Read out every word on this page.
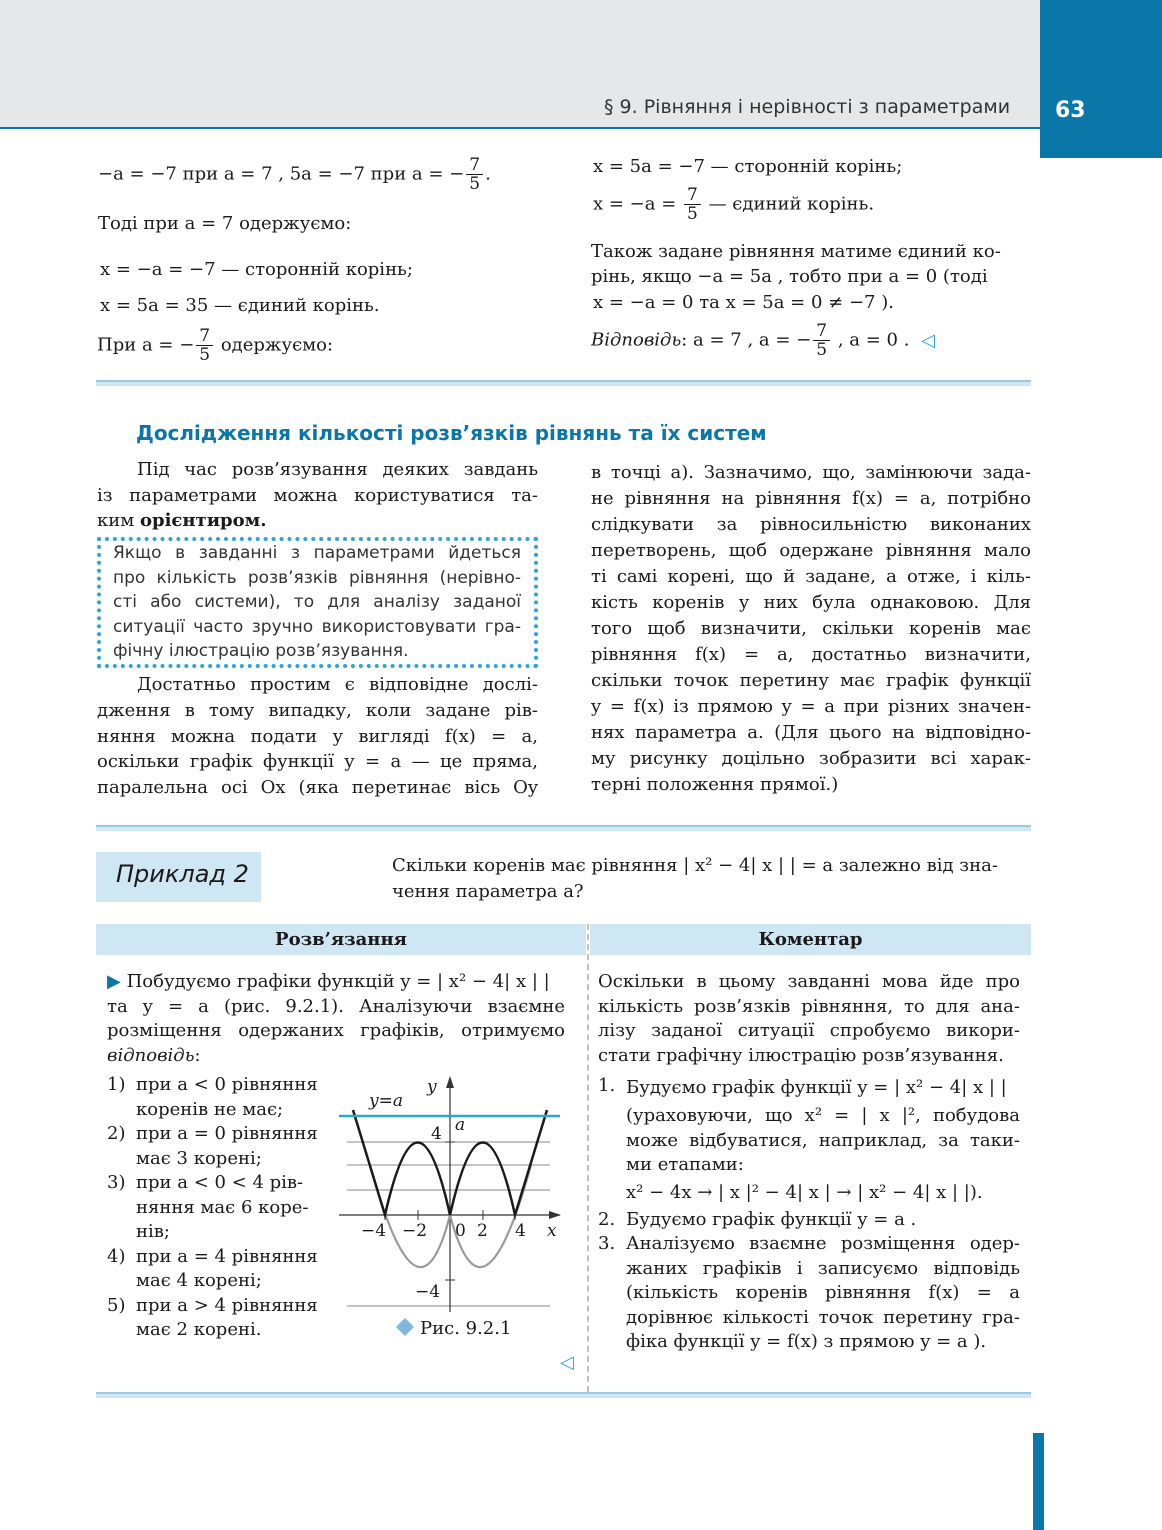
§ 9. Рівняння і нерівності з параметрами 63
−a = −7 при a = 7 , 5a = −7 при a = − $\frac{7}{5}$ .
Тоді при a = 7 одержуємо:
x = −a = −7 — сторонній корінь;
x = 5a = 35 — єдиний корінь.
При a = − $\frac{7}{5}$ одержуємо:
x = 5a = −7 — сторонній корінь;
$x = -a = \frac{7}{5}$ — єдиний корінь.
Також задане рівняння матиме єдиний ко-
рінь, якщо −a = 5a , тобто при a = 0 (тоді
x = −a = 0 та x = 5a = 0 ≠ −7 ).
Відповідь: a = 7 , a = − $\frac{7}{5}$ , a = 0 . ◁
Дослідження кількості розв’язків рівнянь та їх систем
Під час розв’язування деяких завдань
із параметрами можна користуватися та-
ким орієнтиром.
Якщо в завданні з параметрами йдеться
про кількість розв’язків рівняння (нерівно-
сті або системи), то для аналізу заданої
ситуації часто зручно використовувати гра-
фічну ілюстрацію розв’язування.
Достатньо простим є відповідне дослі-
дження в тому випадку, коли задане рів-
няння можна подати у вигляді f(x) = a,
оскільки графік функції y = a — це пряма,
паралельна осі Ox (яка перетинає вісь Oy
в точці a). Зазначимо, що, замінюючи зада-
не рівняння на рівняння f(x) = a, потрібно
слідкувати за рівносильністю виконаних
перетворень, щоб одержане рівняння мало
ті самі корені, що й задане, а отже, і кіль-
кість коренів у них була однаковою. Для
того щоб визначити, скільки коренів має
рівняння f(x) = a, достатньо визначити,
скільки точок перетину має графік функції
y = f(x) із прямою y = a при різних значен-
нях параметра a. (Для цього на відповідно-
му рисунку доцільно зобразити всі харак-
терні положення прямої.)
Приклад 2	Скільки коренів має рівняння | x² − 4| x | | = a залежно від зна-
чення параметра a?
Розв’язання	Коментар
▶ Побудуємо графіки функцій y = | x² − 4| x | |
та y = a (рис. 9.2.1). Аналізуючи взаємне
розміщення одержаних графіків, отримуємо
відповідь:
1) при a < 0 рівняння
коренів не має;
2) при a = 0 рівняння
має 3 корені;
3) при a < 0 < 4 рів-
няння має 6 коре-
нів;
4) при a = 4 рівняння
має 4 корені;
5) при a > 4 рівняння
має 2 корені.
y=a
y
a
4
−4
−4 −2 0 2 4 x
Рис. 9.2.1
◁
Оскільки в цьому завданні мова йде про
кількість розв’язків рівняння, то для ана-
лізу заданої ситуації спробуємо викори-
стати графічну ілюстрацію розв’язування.
1. Будуємо графік функції y = | x² − 4| x | |
(ураховуючи, що x² = | x |², побудова
може відбуватися, наприклад, за таки-
ми етапами:
x² − 4x → | x |² − 4| x | → | x² − 4| x | |).
2. Будуємо графік функції y = a .
3. Аналізуємо взаємне розміщення одер-
жаних графіків і записуємо відповідь
(кількість коренів рівняння f(x) = a
дорівнює кількості точок перетину гра-
фіка функції y = f(x) з прямою y = a ).
